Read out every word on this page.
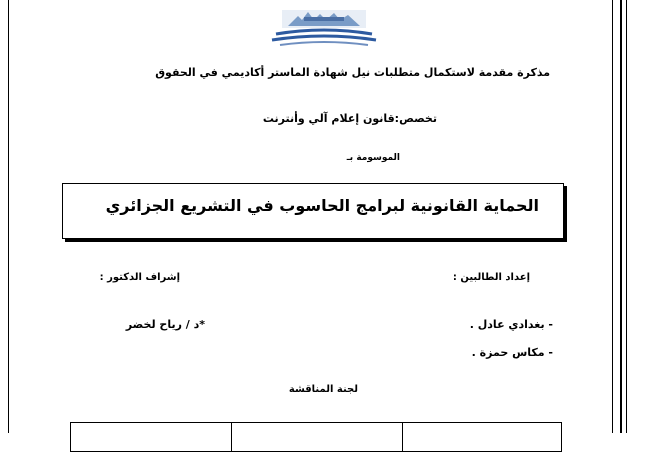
مذكرة مقدمة لاستكمال متطلبات نيل شهادة الماستر أكاديمي في الحقوق
تخصص:قانون إعلام آلي وأنترنت
الموسومة بـ
الحماية القانونية لبرامج الحاسوب في التشريع الجزائري
إعداد الطالبين :
إشراف الدكتور :
- بغدادي عادل .
- مكاس حمزة .
*د / رياح لخضر
لجنة المناقشة
